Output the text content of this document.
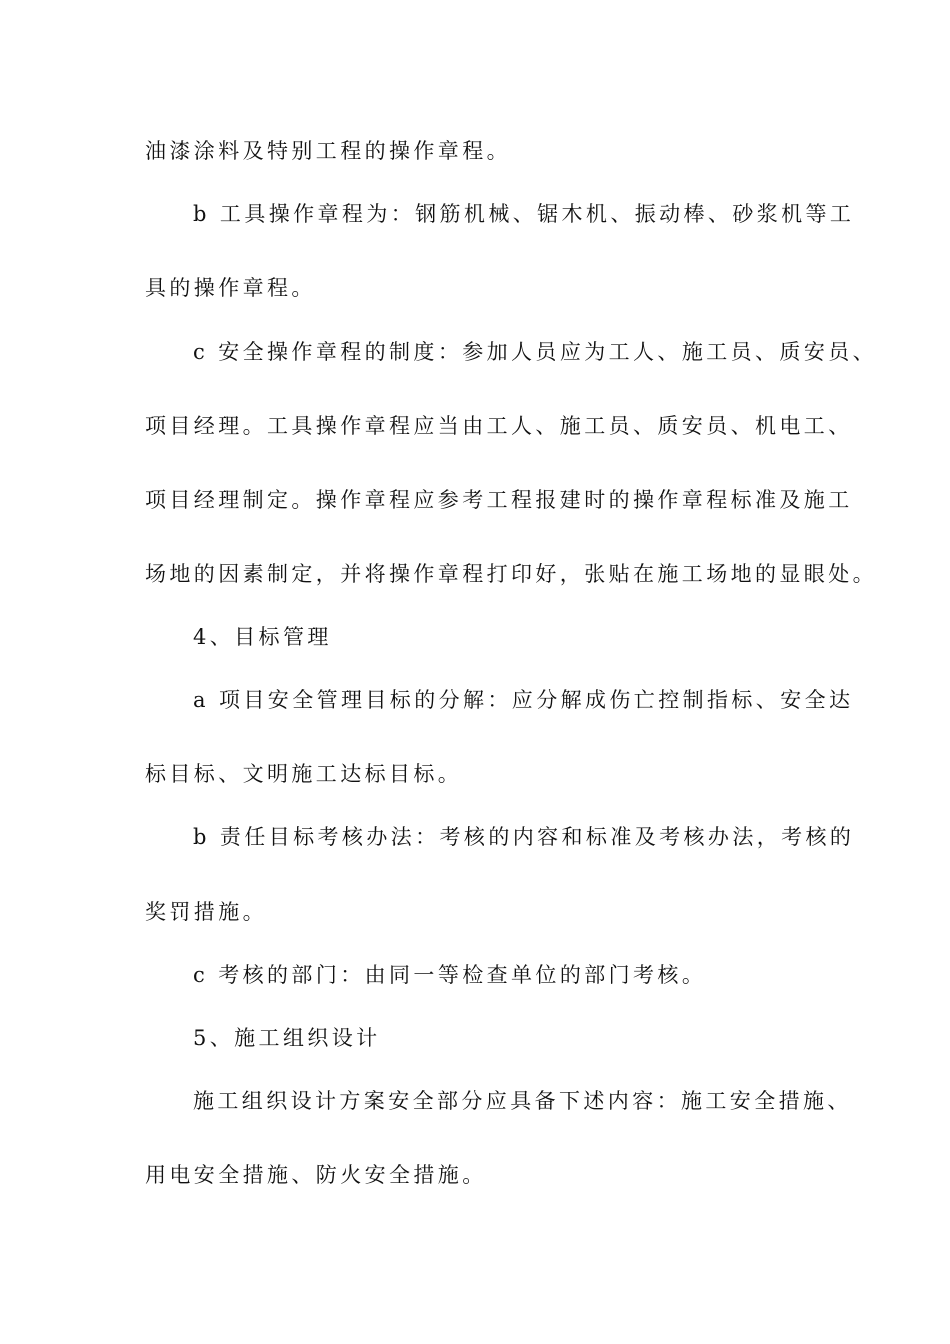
油漆涂料及特别工程的操作章程。
b 工具操作章程为：钢筋机械、锯木机、振动棒、砂浆机等工
具的操作章程。
c 安全操作章程的制度：参加人员应为工人、施工员、质安员、
项目经理。工具操作章程应当由工人、施工员、质安员、机电工、
项目经理制定。操作章程应参考工程报建时的操作章程标准及施工
场地的因素制定，并将操作章程打印好，张贴在施工场地的显眼处。
4、目标管理
a 项目安全管理目标的分解：应分解成伤亡控制指标、安全达
标目标、文明施工达标目标。
b 责任目标考核办法：考核的内容和标准及考核办法，考核的
奖罚措施。
c 考核的部门：由同一等检查单位的部门考核。
5、施工组织设计
施工组织设计方案安全部分应具备下述内容：施工安全措施、
用电安全措施、防火安全措施。
